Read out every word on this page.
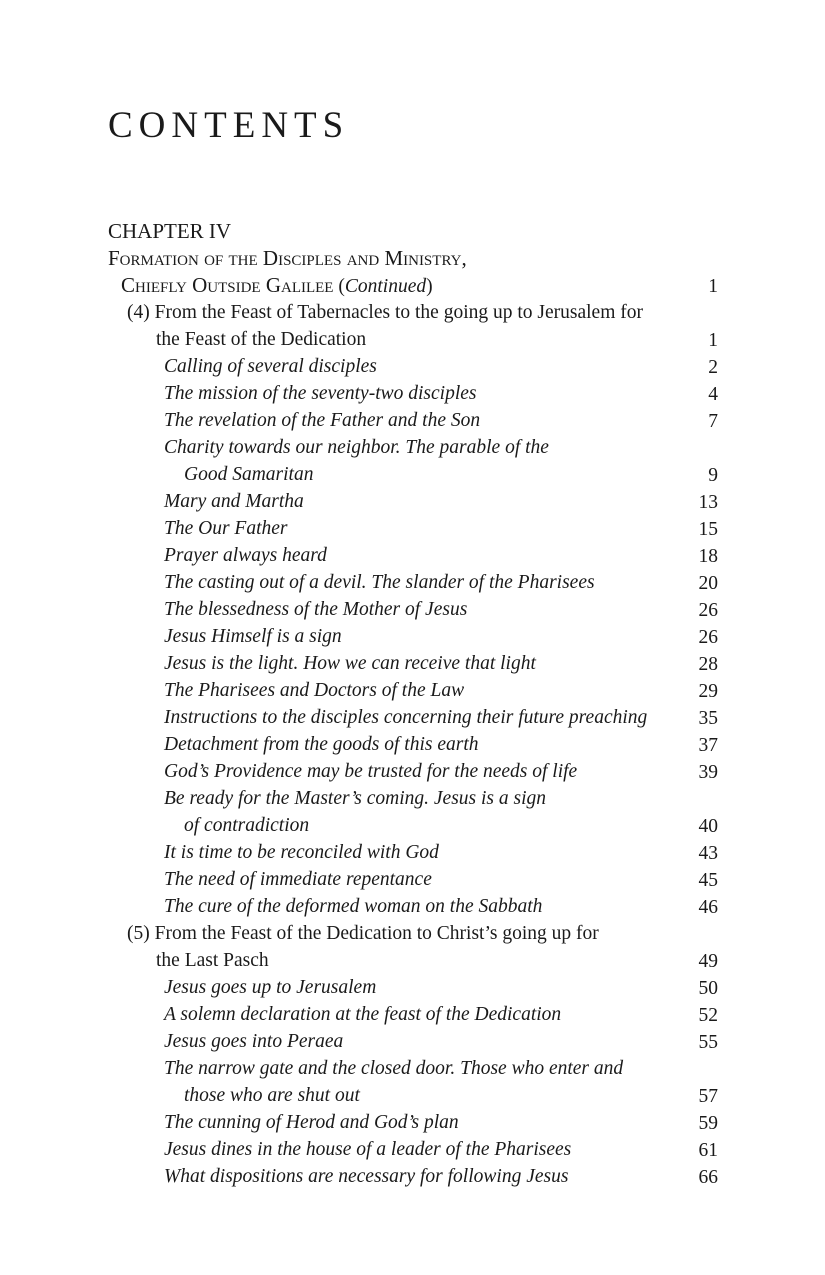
CONTENTS
CHAPTER IV
Formation of the Disciples and Ministry,
Chiefly Outside Galilee (Continued)	1
(4) From the Feast of Tabernacles to the going up to Jerusalem for
the Feast of the Dedication	1
Calling of several disciples	2
The mission of the seventy-two disciples	4
The revelation of the Father and the Son	7
Charity towards our neighbor. The parable of the
Good Samaritan	9
Mary and Martha	13
The Our Father	15
Prayer always heard	18
The casting out of a devil. The slander of the Pharisees	20
The blessedness of the Mother of Jesus	26
Jesus Himself is a sign	26
Jesus is the light. How we can receive that light	28
The Pharisees and Doctors of the Law	29
Instructions to the disciples concerning their future preaching	35
Detachment from the goods of this earth	37
God’s Providence may be trusted for the needs of life	39
Be ready for the Master’s coming. Jesus is a sign
of contradiction	40
It is time to be reconciled with God	43
The need of immediate repentance	45
The cure of the deformed woman on the Sabbath	46
(5) From the Feast of the Dedication to Christ’s going up for
the Last Pasch	49
Jesus goes up to Jerusalem	50
A solemn declaration at the feast of the Dedication	52
Jesus goes into Peraea	55
The narrow gate and the closed door. Those who enter and
those who are shut out	57
The cunning of Herod and God’s plan	59
Jesus dines in the house of a leader of the Pharisees	61
What dispositions are necessary for following Jesus	66
